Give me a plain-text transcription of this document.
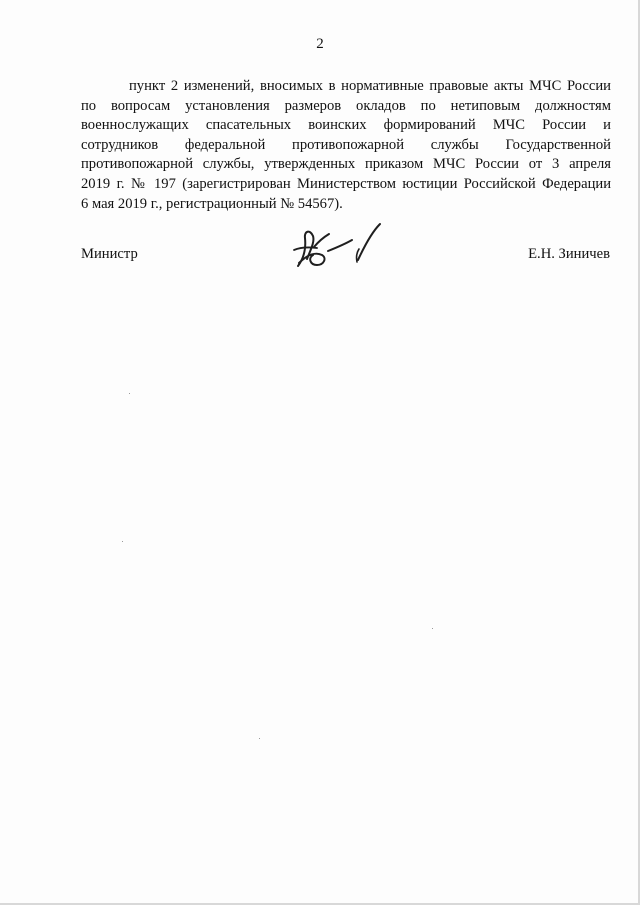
2
пункт 2 изменений, вносимых в нормативные правовые акты МЧС России
по вопросам установления размеров окладов по нетиповым должностям
военнослужащих спасательных воинских формирований МЧС России и
сотрудников федеральной противопожарной службы Государственной
противопожарной службы, утвержденных приказом МЧС России от 3 апреля
2019 г. № 197 (зарегистрирован Министерством юстиции Российской Федерации
6 мая 2019 г., регистрационный № 54567).
Министр	Е.Н. Зиничев
